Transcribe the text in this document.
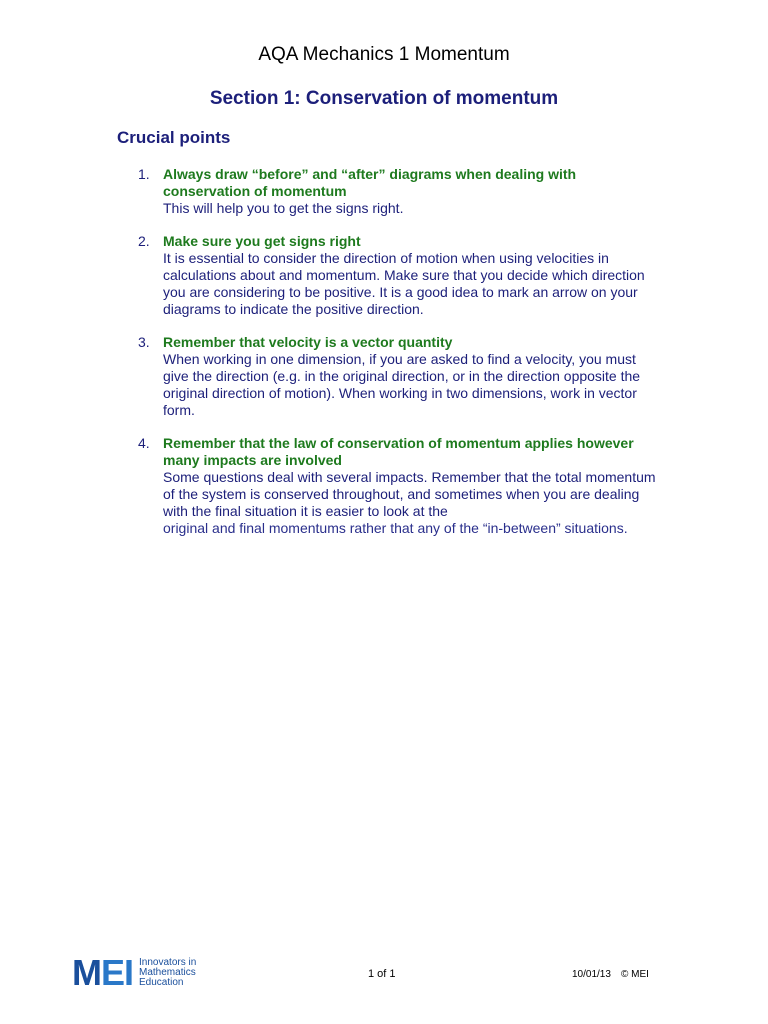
AQA Mechanics 1 Momentum
Section 1: Conservation of momentum
Crucial points
1. Always draw “before” and “after” diagrams when dealing with conservation of momentum
This will help you to get the signs right.
2. Make sure you get signs right
It is essential to consider the direction of motion when using velocities in calculations about and momentum. Make sure that you decide which direction you are considering to be positive. It is a good idea to mark an arrow on your diagrams to indicate the positive direction.
3. Remember that velocity is a vector quantity
When working in one dimension, if you are asked to find a velocity, you must give the direction (e.g. in the original direction, or in the direction opposite the original direction of motion). When working in two dimensions, work in vector form.
4. Remember that the law of conservation of momentum applies however many impacts are involved
Some questions deal with several impacts. Remember that the total momentum of the system is conserved throughout, and sometimes when you are dealing with the final situation it is easier to look at the
original and final momentums rather that any of the “in-between” situations.
M EI Innovators in
Mathematics
Education
1 of 1	10/01/13 © MEI
